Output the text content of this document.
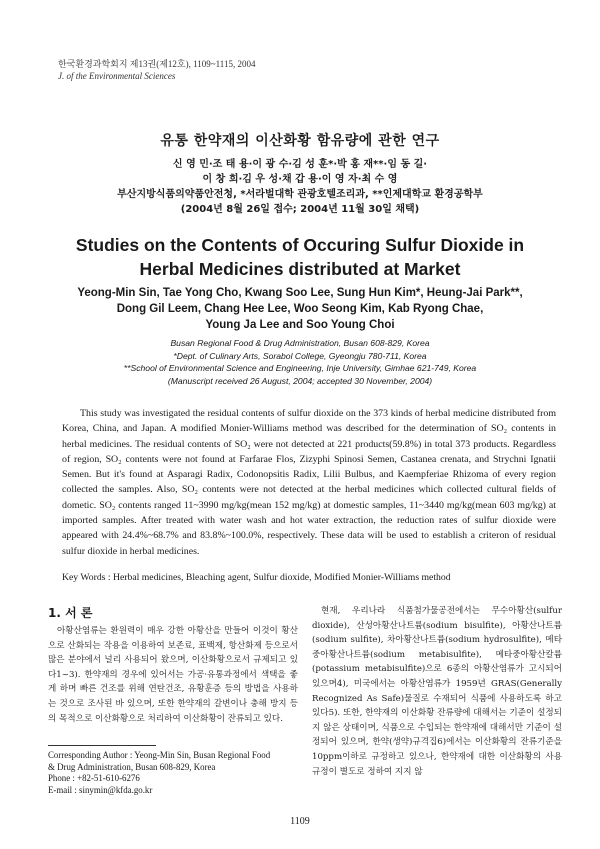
한국환경과학회지 제13권(제12호), 1109~1115, 2004
J. of the Environmental Sciences
유통 한약재의 이산화황 함유량에 관한 연구
신 영 민·조 태 용·이 광 수·김 성 훈*·박 홍 재**·임 동 길·
이 창 희·김 우 성·채 갑 용·이 영 자·최 수 영
부산지방식품의약품안전청, *서라벌대학 관광호텔조리과, **인제대학교 환경공학부
(2004년 8월 26일 접수; 2004년 11월 30일 채택)
Studies on the Contents of Occuring Sulfur Dioxide in
Herbal Medicines distributed at Market
Yeong-Min Sin, Tae Yong Cho, Kwang Soo Lee, Sung Hun Kim*, Heung-Jai Park**,
Dong Gil Leem, Chang Hee Lee, Woo Seong Kim, Kab Ryong Chae,
Young Ja Lee and Soo Young Choi
Busan Regional Food & Drug Administration, Busan 608-829, Korea
*Dept. of Culinary Arts, Sorabol College, Gyeongju 780-711, Korea
**School of Environmental Science and Engineering, Inje University, Gimhae 621-749, Korea
(Manuscript received 26 August, 2004; accepted 30 November, 2004)
This study was investigated the residual contents of sulfur dioxide on the 373 kinds of herbal medicine distributed from Korea, China, and Japan. A modified Monier-Williams method was described for the determination of SO₂ contents in herbal medicines. The residual contents of SO₂ were not detected at 221 products(59.8%) in total 373 products. Regardless of region, SO₂ contents were not found at Farfarae Flos, Zizyphi Spinosi Semen, Castanea crenata, and Strychni Ignatii Semen. But it's found at Asparagi Radix, Codonopsitis Radix, Lilii Bulbus, and Kaempferiae Rhizoma of every region collected the samples. Also, SO₂ contents were not detected at the herbal medicines which collected cultural fields of dometic. SO₂ contents ranged 11~3990 mg/kg(mean 152 mg/kg) at domestic samples, 11~3440 mg/kg(mean 603 mg/kg) at imported samples. After treated with water wash and hot water extraction, the reduction rates of sulfur dioxide were appeared with 24.4%~68.7% and 83.8%~100.0%, respectively. These data will be used to establish a criteron of residual sulfur dioxide in herbal medicines.
Key Words : Herbal medicines, Bleaching agent, Sulfur dioxide, Modified Monier-Williams method
1. 서 론
아황산염류는 환원력이 매우 강한 아황산을 만들어 이것이 황산으로 산화되는 작용을 이용하여 보존료, 표백제, 항산화제 등으로서 많은 분야에서 널리 사용되어 왔으며, 이산화황으로서 규제되고 있다1~3). 한약재의 경우에 있어서는 가공·유통과정에서 색택을 좋게 하며 빠른 건조를 위해 연탄건조, 유황훈증 등의 방법을 사용하는 것으로 조사된 바 있으며, 또한 한약재의 갈변이나 충해 방지 등의 목적으로 이산화황으로 처리하여 이산화황이 잔류되고 있다.
현재, 우리나라 식품첨가물공전에서는 무수아황산(sulfur dioxide), 산성아황산나트륨(sodium bisulfite), 아황산나트륨(sodium sulfite), 차아황산나트륨(sodium hydrosulfite), 메타중아황산나트륨(sodium metabisulfite), 메타중아황산칼륨(potassium metabisulfite)으로 6종의 아황산염류가 고시되어 있으며4), 미국에서는 아황산염류가 1959년 GRAS(Generally Recognized As Safe)물질로 수재되어 식품에 사용하도록 하고 있다5). 또한, 한약재의 이산화황 잔류량에 대해서는 기준이 설정되지 않은 상태이며, 식품으로 수입되는 한약재에 대해서만 기준이 설정되어 있으며, 한약(생약)규격집6)에서는 이산화황의 잔류기준을 10ppm이하로 규정하고 있으나, 한약재에 대한 이산화황의 사용 규정이 별도로 정하여 지지 않
Corresponding Author : Yeong-Min Sin, Busan Regional Food
& Drug Administration, Busan 608-829, Korea
Phone : +82-51-610-6276
E-mail : sinymin@kfda.go.kr
1109
